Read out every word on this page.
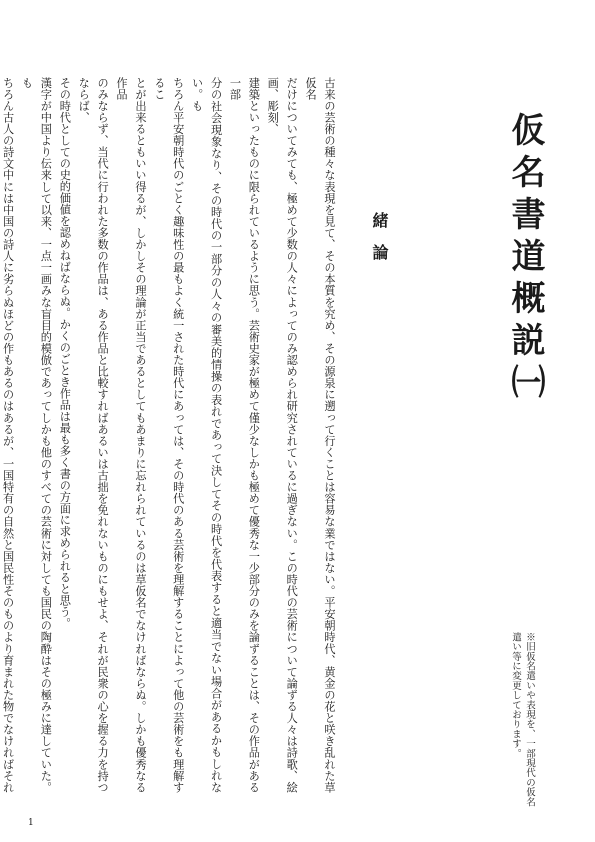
仮名書道概説㈠
※旧仮名遣いや表現を、一部現代の仮名遣い等に変更しております。
緒論
古来の芸術の種々な表現を見て、その本質を究め、その源泉に遡って行くことは容易な業ではない。平安朝時代、黄金の花と咲き乱れた草仮名
だけについてみても、極めて少数の人々によってのみ認められ研究されているに過ぎない。この時代の芸術について論ずる人々は詩歌、絵画、彫刻、
建築といったものに限られているように思う。芸術史家が極めて僅少なしかも極めて優秀な一少部分のみを論ずることは、その作品がある一部
分の社会現象なり、その時代の一部分の人々の審美的情操の表れであって決してその時代を代表すると適当でない場合があるかもしれない。も
ちろん平安朝時代のごとく趣味性の最もよく統一された時代にあっては、その時代のある芸術を理解することによって他の芸術をも理解するこ
とが出来るともいい得るが、しかしその理論が正当であるとしてもあまりに忘れられているのは草仮名でなければならぬ。しかも優秀なる作品
のみならず、当代に行われた多数の作品は、ある作品と比較すればあるいは古拙を免れないものにもせよ、それが民衆の心を握る力を持つならば、
その時代としての史的価値を認めねばならぬ。かくのごとき作品は最も多く書の方面に求められると思う。
漢字が中国より伝来して以来、一点一画みな盲目的模倣であってしかも他のすべての芸術に対しても国民の陶酔はその極みに達していた。も
ちろん古人の詩文中には中国の詩人に劣らぬほどの作もあるのはあるが、一国特有の自然と国民性そのものより育まれた物でなければそれ
1
